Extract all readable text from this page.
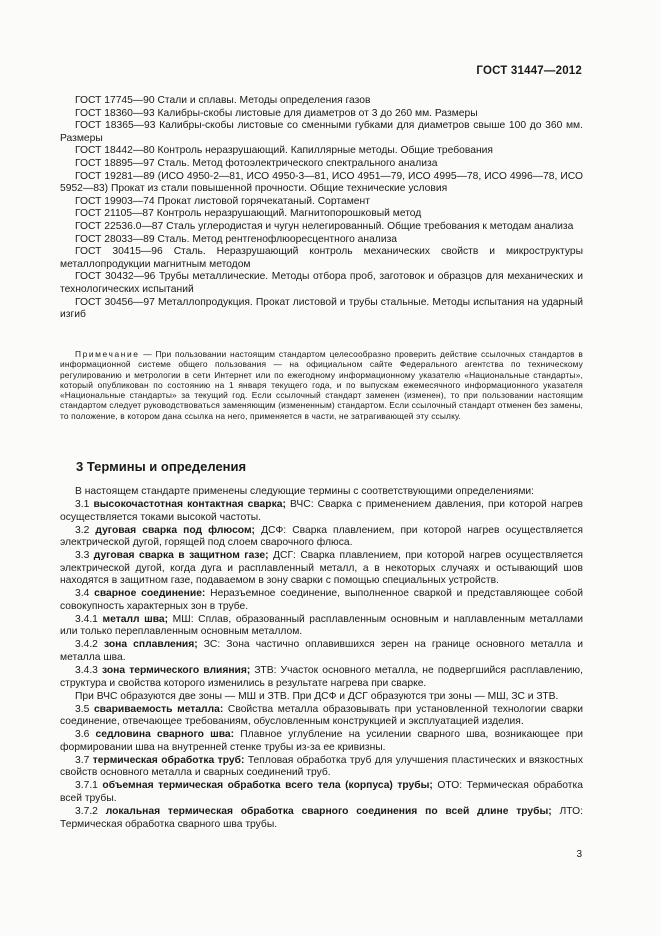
ГОСТ 31447—2012

ГОСТ 17745—90 Стали и сплавы. Методы определения газов

ГОСТ 18360—93 Калибры-скобы листовые для диаметров от 3 до 260 мм. Размеры

ГОСТ 18365—93 Калибры-скобы листовые со сменными губками для диаметров свыше 100 до 360 мм. Размеры

ГОСТ 18442—80 Контроль неразрушающий. Капиллярные методы. Общие требования

ГОСТ 18895—97 Сталь. Метод фотоэлектрического спектрального анализа

ГОСТ 19281—89 (ИСО 4950-2—81, ИСО 4950-3—81, ИСО 4951—79, ИСО 4995—78, ИСО 4996—78, ИСО 5952—83) Прокат из стали повышенной прочности. Общие технические условия

ГОСТ 19903—74 Прокат листовой горячекатаный. Сортамент

ГОСТ 21105—87 Контроль неразрушающий. Магнитопорошковый метод

ГОСТ 22536.0—87 Сталь углеродистая и чугун нелегированный. Общие требования к методам анализа

ГОСТ 28033—89 Сталь. Метод рентгенофлюоресцентного анализа

ГОСТ 30415—96 Сталь. Неразрушающий контроль механических свойств и микроструктуры металлопродукции магнитным методом

ГОСТ 30432—96 Трубы металлические. Методы отбора проб, заготовок и образцов для механических и технологических испытаний

ГОСТ 30456—97 Металлопродукция. Прокат листовой и трубы стальные. Методы испытания на ударный изгиб

Примечание — При пользовании настоящим стандартом целесообразно проверить действие ссылочных стандартов в информационной системе общего пользования — на официальном сайте Федерального агентства по техническому регулированию и метрологии в сети Интернет или по ежегодному информационному указателю «Национальные стандарты», который опубликован по состоянию на 1 января текущего года, и по выпускам ежемесячного информационного указателя «Национальные стандарты» за текущий год. Если ссылочный стандарт заменен (изменен), то при пользовании настоящим стандартом следует руководствоваться заменяющим (измененным) стандартом. Если ссылочный стандарт отменен без замены, то положение, в котором дана ссылка на него, применяется в части, не затрагивающей эту ссылку.

3 Термины и определения

В настоящем стандарте применены следующие термины с соответствующими определениями:

3.1 высокочастотная контактная сварка; ВЧС: Сварка с применением давления, при которой нагрев осуществляется токами высокой частоты.

3.2 дуговая сварка под флюсом; ДСФ: Сварка плавлением, при которой нагрев осуществляется электрической дугой, горящей под слоем сварочного флюса.

3.3 дуговая сварка в защитном газе; ДСГ: Сварка плавлением, при которой нагрев осуществляется электрической дугой, когда дуга и расплавленный металл, а в некоторых случаях и остывающий шов находятся в защитном газе, подаваемом в зону сварки с помощью специальных устройств.

3.4 сварное соединение: Неразъемное соединение, выполненное сваркой и представляющее собой совокупность характерных зон в трубе.

3.4.1 металл шва; МШ: Сплав, образованный расплавленным основным и наплавленным металлами или только переплавленным основным металлом.

3.4.2 зона сплавления; ЗС: Зона частично оплавившихся зерен на границе основного металла и металла шва.

3.4.3 зона термического влияния; ЗТВ: Участок основного металла, не подвергшийся расплавлению, структура и свойства которого изменились в результате нагрева при сварке.

При ВЧС образуются две зоны — МШ и ЗТВ. При ДСФ и ДСГ образуются три зоны — МШ, ЗС и ЗТВ.

3.5 свариваемость металла: Свойства металла образовывать при установленной технологии сварки соединение, отвечающее требованиям, обусловленным конструкцией и эксплуатацией изделия.

3.6 седловина сварного шва: Плавное углубление на усилении сварного шва, возникающее при формировании шва на внутренней стенке трубы из-за ее кривизны.

3.7 термическая обработка труб: Тепловая обработка труб для улучшения пластических и вязкостных свойств основного металла и сварных соединений труб.

3.7.1 объемная термическая обработка всего тела (корпуса) трубы; ОТО: Термическая обработка всей трубы.

3.7.2 локальная термическая обработка сварного соединения по всей длине трубы; ЛТО: Термическая обработка сварного шва трубы.

3
